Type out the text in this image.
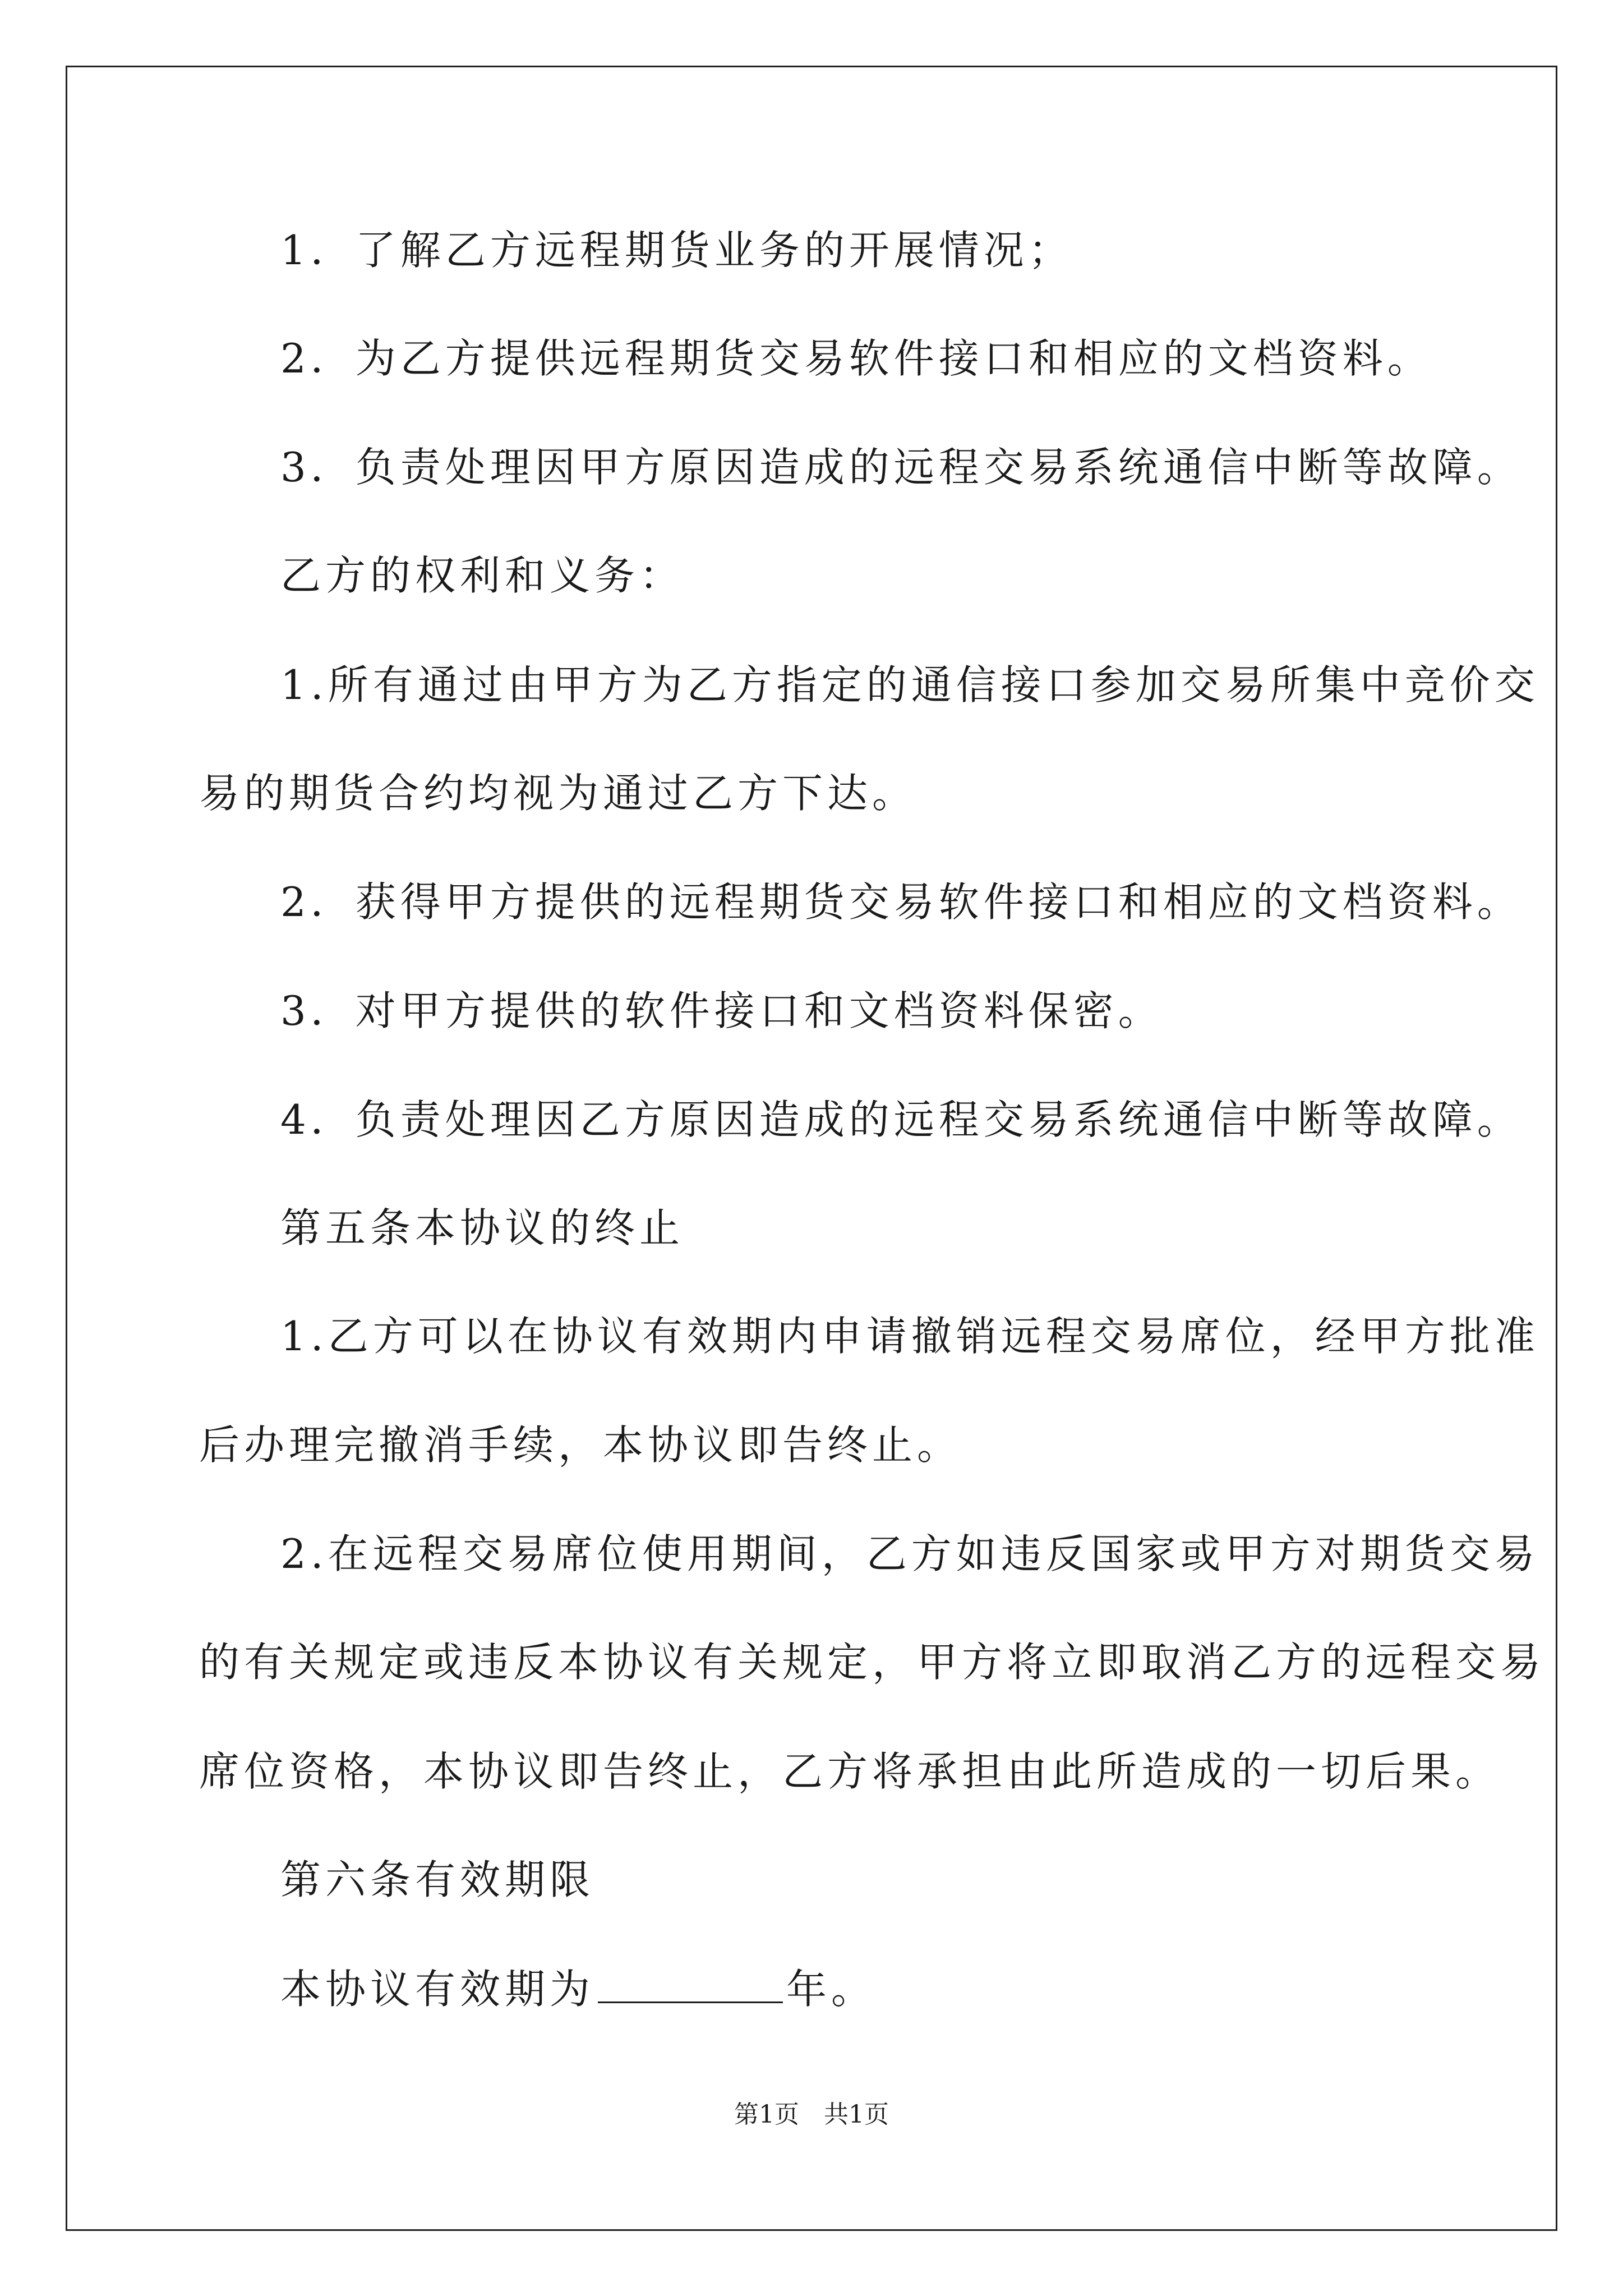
1．了解乙方远程期货业务的开展情况；
2．为乙方提供远程期货交易软件接口和相应的文档资料。
3．负责处理因甲方原因造成的远程交易系统通信中断等故障。
乙方的权利和义务：
1.所有通过由甲方为乙方指定的通信接口参加交易所集中竞价交
易的期货合约均视为通过乙方下达。
2．获得甲方提供的远程期货交易软件接口和相应的文档资料。
3．对甲方提供的软件接口和文档资料保密。
4．负责处理因乙方原因造成的远程交易系统通信中断等故障。
第五条本协议的终止
1.乙方可以在协议有效期内申请撤销远程交易席位，经甲方批准
后办理完撤消手续，本协议即告终止。
2.在远程交易席位使用期间，乙方如违反国家或甲方对期货交易
的有关规定或违反本协议有关规定，甲方将立即取消乙方的远程交易
席位资格，本协议即告终止，乙方将承担由此所造成的一切后果。
第六条有效期限
本协议有效期为	年。
第1页　共1页
